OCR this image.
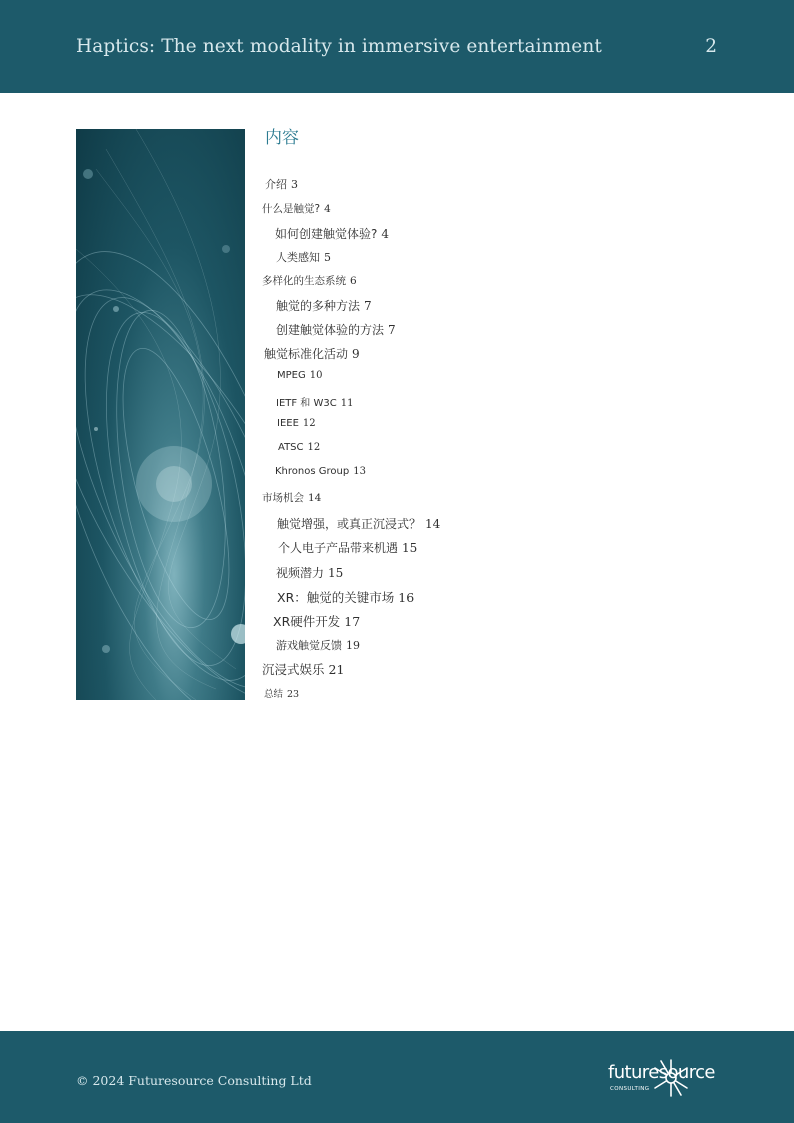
Haptics: The next modality in immersive entertainment	2
内容
介绍 3
什么是触觉? 4
如何创建触觉体验? 4
人类感知 5
多样化的生态系统 6
触觉的多种方法 7
创建触觉体验的方法 7
触觉标准化活动 9
MPEG 10
IETF 和 W3C 11
IEEE 12
ATSC 12
Khronos Group 13
市场机会 14
触觉增强，或真正沉浸式？ 14
个人电子产品带来机遇 15
视频潜力 15
XR：触觉的关键市场 16
XR硬件开发 17
游戏触觉反馈 19
沉浸式娱乐 21
总结 23
© 2024 Futuresource Consulting Ltd	futuresource
CONSULTING
